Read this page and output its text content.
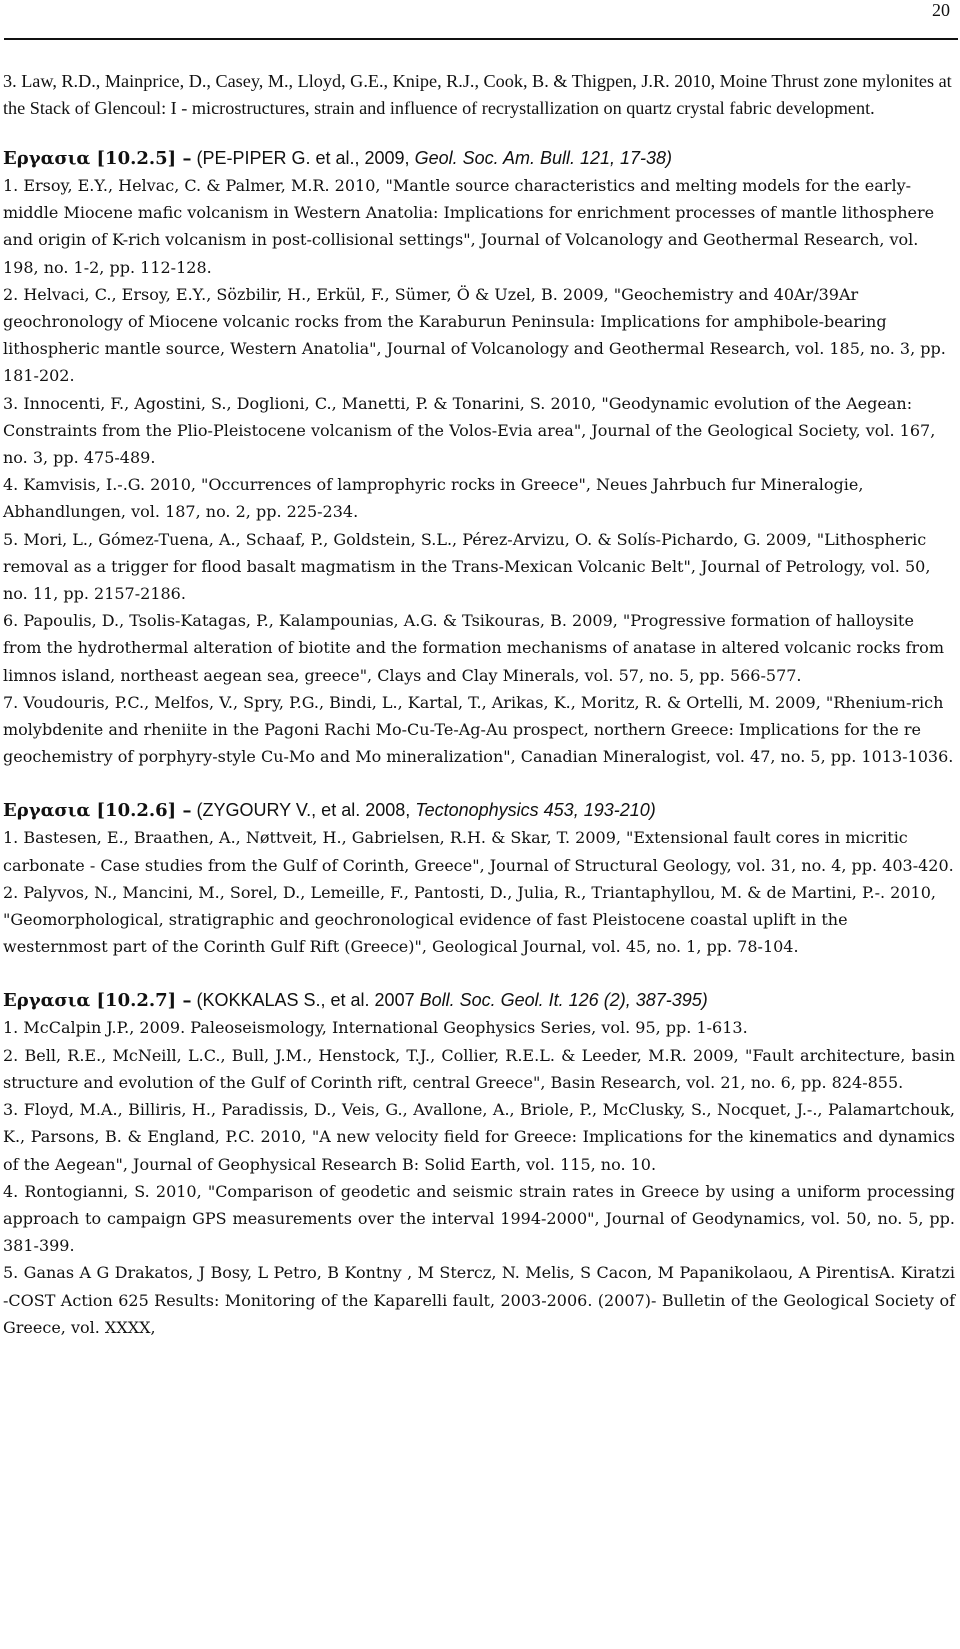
20

3. Law, R.D., Mainprice, D., Casey, M., Lloyd, G.E., Knipe, R.J., Cook, B. & Thigpen, J.R. 2010, Moine Thrust zone mylonites at the Stack of Glencoul: I - microstructures, strain and influence of recrystallization on quartz crystal fabric development.

Εργασια [10.2.5] – (PE-PIPER G. et al., 2009, Geol. Soc. Am. Bull. 121, 17-38)

1. Ersoy, E.Y., Helvac, C. & Palmer, M.R. 2010, "Mantle source characteristics and melting models for the early-middle Miocene mafic volcanism in Western Anatolia: Implications for enrichment processes of mantle lithosphere and origin of K-rich volcanism in post-collisional settings", Journal of Volcanology and Geothermal Research, vol. 198, no. 1-2, pp. 112-128.

2. Helvaci, C., Ersoy, E.Y., Sözbilir, H., Erkül, F., Sümer, Ö & Uzel, B. 2009, "Geochemistry and 40Ar/39Ar geochronology of Miocene volcanic rocks from the Karaburun Peninsula: Implications for amphibole-bearing lithospheric mantle source, Western Anatolia", Journal of Volcanology and Geothermal Research, vol. 185, no. 3, pp. 181-202.

3. Innocenti, F., Agostini, S., Doglioni, C., Manetti, P. & Tonarini, S. 2010, "Geodynamic evolution of the Aegean: Constraints from the Plio-Pleistocene volcanism of the Volos-Evia area", Journal of the Geological Society, vol. 167, no. 3, pp. 475-489.

4. Kamvisis, I.-.G. 2010, "Occurrences of lamprophyric rocks in Greece", Neues Jahrbuch fur Mineralogie, Abhandlungen, vol. 187, no. 2, pp. 225-234.

5. Mori, L., Gómez-Tuena, A., Schaaf, P., Goldstein, S.L., Pérez-Arvizu, O. & Solís-Pichardo, G. 2009, "Lithospheric removal as a trigger for flood basalt magmatism in the Trans-Mexican Volcanic Belt", Journal of Petrology, vol. 50, no. 11, pp. 2157-2186.

6. Papoulis, D., Tsolis-Katagas, P., Kalampounias, A.G. & Tsikouras, B. 2009, "Progressive formation of halloysite from the hydrothermal alteration of biotite and the formation mechanisms of anatase in altered volcanic rocks from limnos island, northeast aegean sea, greece", Clays and Clay Minerals, vol. 57, no. 5, pp. 566-577.

7. Voudouris, P.C., Melfos, V., Spry, P.G., Bindi, L., Kartal, T., Arikas, K., Moritz, R. & Ortelli, M. 2009, "Rhenium-rich molybdenite and rheniite in the Pagoni Rachi Mo-Cu-Te-Ag-Au prospect, northern Greece: Implications for the re geochemistry of porphyry-style Cu-Mo and Mo mineralization", Canadian Mineralogist, vol. 47, no. 5, pp. 1013-1036.

Εργασια [10.2.6] – (ZYGOURY V., et al. 2008, Tectonophysics 453, 193-210)

1. Bastesen, E., Braathen, A., Nøttveit, H., Gabrielsen, R.H. & Skar, T. 2009, "Extensional fault cores in micritic carbonate - Case studies from the Gulf of Corinth, Greece", Journal of Structural Geology, vol. 31, no. 4, pp. 403-420.

2. Palyvos, N., Mancini, M., Sorel, D., Lemeille, F., Pantosti, D., Julia, R., Triantaphyllou, M. & de Martini, P.-. 2010, "Geomorphological, stratigraphic and geochronological evidence of fast Pleistocene coastal uplift in the westernmost part of the Corinth Gulf Rift (Greece)", Geological Journal, vol. 45, no. 1, pp. 78-104.

Εργασια [10.2.7] – (KOKKALAS S., et al. 2007 Boll. Soc. Geol. It. 126 (2), 387-395)

1. McCalpin J.P., 2009. Paleoseismology, International Geophysics Series, vol. 95, pp. 1-613.

2. Bell, R.E., McNeill, L.C., Bull, J.M., Henstock, T.J., Collier, R.E.L. & Leeder, M.R. 2009, "Fault architecture, basin structure and evolution of the Gulf of Corinth rift, central Greece", Basin Research, vol. 21, no. 6, pp. 824-855.

3. Floyd, M.A., Billiris, H., Paradissis, D., Veis, G., Avallone, A., Briole, P., McClusky, S., Nocquet, J.-., Palamartchouk, K., Parsons, B. & England, P.C. 2010, "A new velocity field for Greece: Implications for the kinematics and dynamics of the Aegean", Journal of Geophysical Research B: Solid Earth, vol. 115, no. 10.

4. Rontogianni, S. 2010, "Comparison of geodetic and seismic strain rates in Greece by using a uniform processing approach to campaign GPS measurements over the interval 1994-2000", Journal of Geodynamics, vol. 50, no. 5, pp. 381-399.

5. Ganas A G Drakatos, J Bosy, L Petro, B Kontny , M Stercz, N. Melis, S Cacon, M Papanikolaou, A PirentisA. Kiratzi -COST Action 625 Results: Monitoring of the Kaparelli fault, 2003-2006. (2007)- Bulletin of the Geological Society of Greece, vol. XXXX,
